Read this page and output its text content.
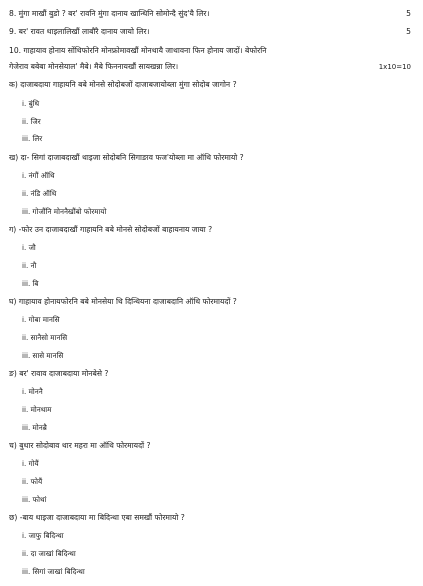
8. मुंगा माखौं बुडो ? बर' रावनि मुंगा दानाय खान्थिनि सोमोन्दै सुंद'यै लिर।	5
9. बर' रावत थाइलालिखौं लाबौरै दानाय जायो लिर।	5
10. गाहायाव होनाय सोंथिफोरनि मोनफ्रोमावखौं मोनथायै जाथावना फिन होनाय जादों। बेफोरनि
गेजेराव बबेबा मोनसेयाल' मैबे। मैबे फिननायखौं सायखन्ना लिर।	1x10=10
क) दाजाबदाया गाहायनि बबे मोनसे सोदोबजों दाजाबजायोब्ला मुंगा सोदोब जागोन ?
i. बुंथि
ii. जिर
iii. लिर
ख) दा- सिगां दाजाबदाखौं थाइजा सोदोबनि सिगाङाव फज'योब्ला मा ऑथि फोरमायो ?
i. नंगौं ऑथि
ii. नंडि ऑथि
iii. गोजौंनि मोननैखौंबो फोरमायो
ग) -फोर उन दाजाबदाखौं गाहायनि बबे मोनसे सोदोबजों बाहायनाय जाया ?
i. जौ
ii. नौ
iii. बि
घ) गाहायाव होनायफोरनि बबे मोनसेया थि दिन्थियना दाजाबदानि ऑथि फोरमायदों ?
i. गोबा मानसि
ii. सानैसो मानसि
iii. सासे मानसि
ङ) बर' रावाव दाजाबदाया मोनबेसे ?
i. मोननै
ii. मोनथाम
iii. मोनब्रै
च) बुथार सोदोबाव थार महरा मा ऑथि फोरमायदों ?
i. गोयैं
ii. फोयैं
iii. फोथां
छ) -बाय थाइजा दाजाबदाया मा बिदिन्था एबा समखौं फोरमायो ?
i. जाफु बिदिन्था
ii. दा जाखां बिदिन्था
iii. सिगां जाखां बिदिन्था
